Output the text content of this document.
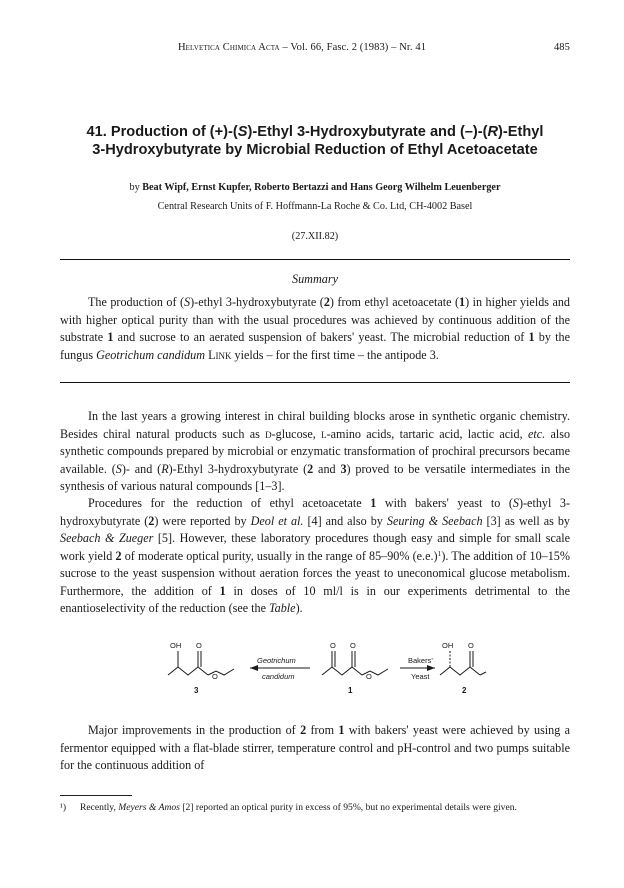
Helvetica Chimica Acta – Vol. 66, Fasc. 2 (1983) – Nr. 41	485
41. Production of (+)-(S)-Ethyl 3-Hydroxybutyrate and (–)-(R)-Ethyl
3-Hydroxybutyrate by Microbial Reduction of Ethyl Acetoacetate
by Beat Wipf, Ernst Kupfer, Roberto Bertazzi and Hans Georg Wilhelm Leuenberger
Central Research Units of F. Hoffmann-La Roche & Co. Ltd, CH-4002 Basel
(27.XII.82)
Summary
The production of (S)-ethyl 3-hydroxybutyrate (2) from ethyl acetoacetate (1) in higher yields and with higher optical purity than with the usual procedures was achieved by continuous addition of the substrate 1 and sucrose to an aerated suspension of bakers' yeast. The microbial reduction of 1 by the fungus Geotrichum candidum Link yields – for the first time – the antipode 3.
In the last years a growing interest in chiral building blocks arose in synthetic organic chemistry. Besides chiral natural products such as d-glucose, l-amino acids, tartaric acid, lactic acid, etc. also synthetic compounds prepared by microbial or enzymatic transformation of prochiral precursors became available. (S)- and (R)-Ethyl 3-hydroxybutyrate (2 and 3) proved to be versatile intermediates in the synthesis of various natural compounds [1–3].
Procedures for the reduction of ethyl acetoacetate 1 with bakers' yeast to (S)-ethyl 3-hydroxybutyrate (2) were reported by Deol et al. [4] and also by Seuring & Seebach [3] as well as by Seebach & Zueger [5]. However, these laboratory procedures though easy and simple for small scale work yield 2 of moderate optical purity, usually in the range of 85–90% $(e.e.)^1$). The addition of 10–15% sucrose to the yeast suspension without aeration forces the yeast to uneconomical glucose metabolism. Furthermore, the addition of 1 in doses of 10 ml/l is in our experiments detrimental to the enantioselectivity of the reduction (see the Table).
OH O
O
O O
O
OH O
Geotrichum
candidum
Bakers'
Yeast
3	1	2
Major improvements in the production of 2 from 1 with bakers' yeast were achieved by using a fermentor equipped with a flat-blade stirrer, temperature control and pH-control and two pumps suitable for the continuous addition of
¹) Recently, Meyers & Amos [2] reported an optical purity in excess of 95%, but no experimental details were given.
